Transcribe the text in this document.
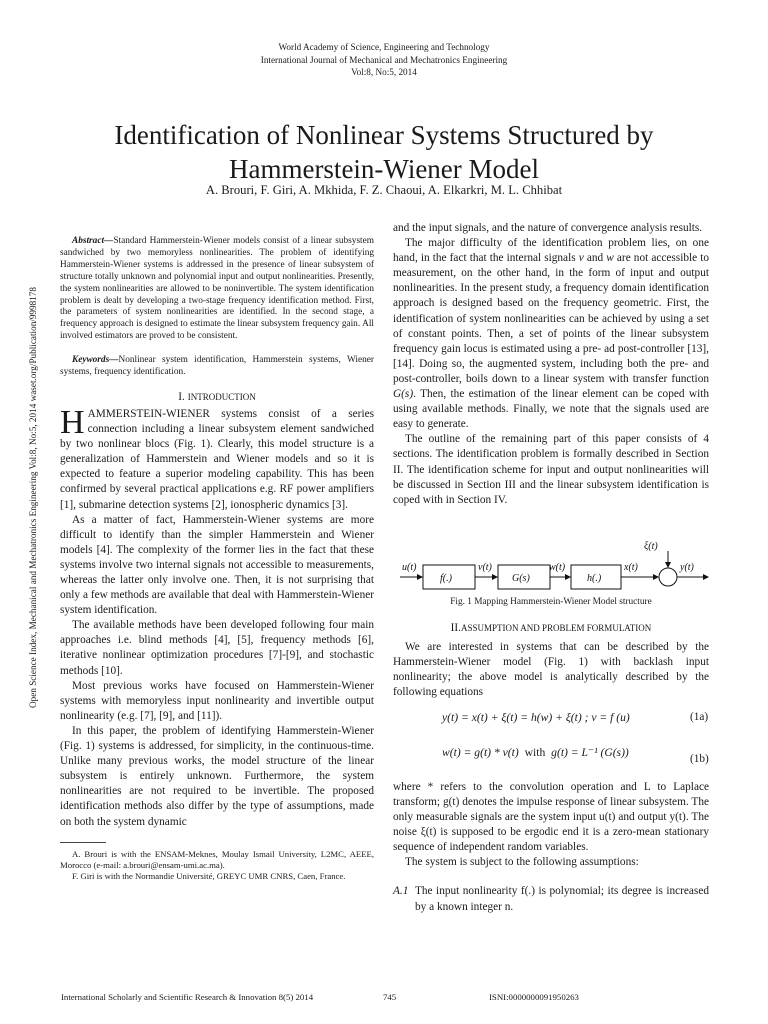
World Academy of Science, Engineering and Technology
International Journal of Mechanical and Mechatronics Engineering
Vol:8, No:5, 2014
Identification of Nonlinear Systems Structured by
Hammerstein-Wiener Model
A. Brouri, F. Giri, A. Mkhida, F. Z. Chaoui, A. Elkarkri, M. L. Chhibat
Open Science Index, Mechanical and Mechatronics Engineering Vol:8, No:5, 2014 waset.org/Publication/9998178
Abstract—Standard Hammerstein-Wiener models consist of a linear subsystem sandwiched by two memoryless nonlinearities. The problem of identifying Hammerstein-Wiener systems is addressed in the presence of linear subsystem of structure totally unknown and polynomial input and output nonlinearities. Presently, the system nonlinearities are allowed to be noninvertible. The system identification problem is dealt by developing a two-stage frequency identification method. First, the parameters of system nonlinearities are identified. In the second stage, a frequency approach is designed to estimate the linear subsystem frequency gain. All involved estimators are proved to be consistent.
Keywords—Nonlinear system identification, Hammerstein systems, Wiener systems, frequency identification.
I. INTRODUCTION

HAMMERSTEIN-WIENER systems consist of a series connection including a linear subsystem element sandwiched by two nonlinear blocs (Fig. 1). Clearly, this model structure is a generalization of Hammerstein and Wiener models and so it is expected to feature a superior modeling capability. This has been confirmed by several practical applications e.g. RF power amplifiers [1], submarine detection systems [2], ionospheric dynamics [3].

As a matter of fact, Hammerstein-Wiener systems are more difficult to identify than the simpler Hammerstein and Wiener models [4]. The complexity of the former lies in the fact that these systems involve two internal signals not accessible to measurements, whereas the latter only involve one. Then, it is not surprising that only a few methods are available that deal with Hammerstein-Wiener system identification.

The available methods have been developed following four main approaches i.e. blind methods [4], [5], frequency methods [6], iterative nonlinear optimization procedures [7]-[9], and stochastic methods [10].

Most previous works have focused on Hammerstein-Wiener systems with memoryless input nonlinearity and invertible output nonlinearity (e.g. [7], [9], and [11]).

In this paper, the problem of identifying Hammerstein-Wiener (Fig. 1) systems is addressed, for simplicity, in the continuous-time. Unlike many previous works, the model structure of the linear subsystem is entirely unknown. Furthermore, the system nonlinearities are not required to be invertible. The proposed identification methods also differ by the type of assumptions, made on both the system dynamic

A. Brouri is with the ENSAM-Meknes, Moulay Ismail University, L2MC, AEEE, Morocco (e-mail: a.brouri@ensam-umi.ac.ma).
F. Giri is with the Normandie Université, GREYC UMR CNRS, Caen, France.

and the input signals, and the nature of convergence analysis results.

The major difficulty of the identification problem lies, on one hand, in the fact that the internal signals v and w are not accessible to measurement, on the other hand, in the form of input and output nonlinearities. In the present study, a frequency domain identification approach is designed based on the frequency geometric. First, the identification of system nonlinearities can be achieved by using a set of constant points. Then, a set of points of the linear subsystem frequency gain locus is estimated using a pre- ad post-controller [13], [14]. Doing so, the augmented system, including both the pre- and post-controller, boils down to a linear system with transfer function G(s). Then, the estimation of the linear element can be coped with using available methods. Finally, we note that the signals used are easy to generate.

The outline of the remaining part of this paper consists of 4 sections. The identification problem is formally described in Section II. The identification scheme for input and output nonlinearities will be discussed in Section III and the linear subsystem identification is coped with in Section IV.

u(t)
f(.)
v(t)
G(s)
w(t)
h(.)
x(t)
ξ(t)
y(t)
Fig. 1 Mapping Hammerstein-Wiener Model structure
II.ASSUMPTION AND PROBLEM FORMULATION

We are interested in systems that can be described by the Hammerstein-Wiener model (Fig. 1) with backlash input nonlinearity; the above model is analytically described by the following equations

y(t) = x(t) + ξ(t) = h(w) + ξ(t) ; v = f (u)	(1a)
w(t) = g(t) * v(t) with g(t) = L⁻¹ (G(s))	(1b)

where * refers to the convolution operation and L to Laplace transform; g(t) denotes the impulse response of linear subsystem. The only measurable signals are the system input u(t) and output y(t). The noise ξ(t) is supposed to be ergodic end it is a zero-mean stationary sequence of independent random variables.

The system is subject to the following assumptions:

A.1 The input nonlinearity f(.) is polynomial; its degree is increased by a known integer n.
International Scholarly and Scientific Research & Innovation 8(5) 2014	745	ISNI:0000000091950263
